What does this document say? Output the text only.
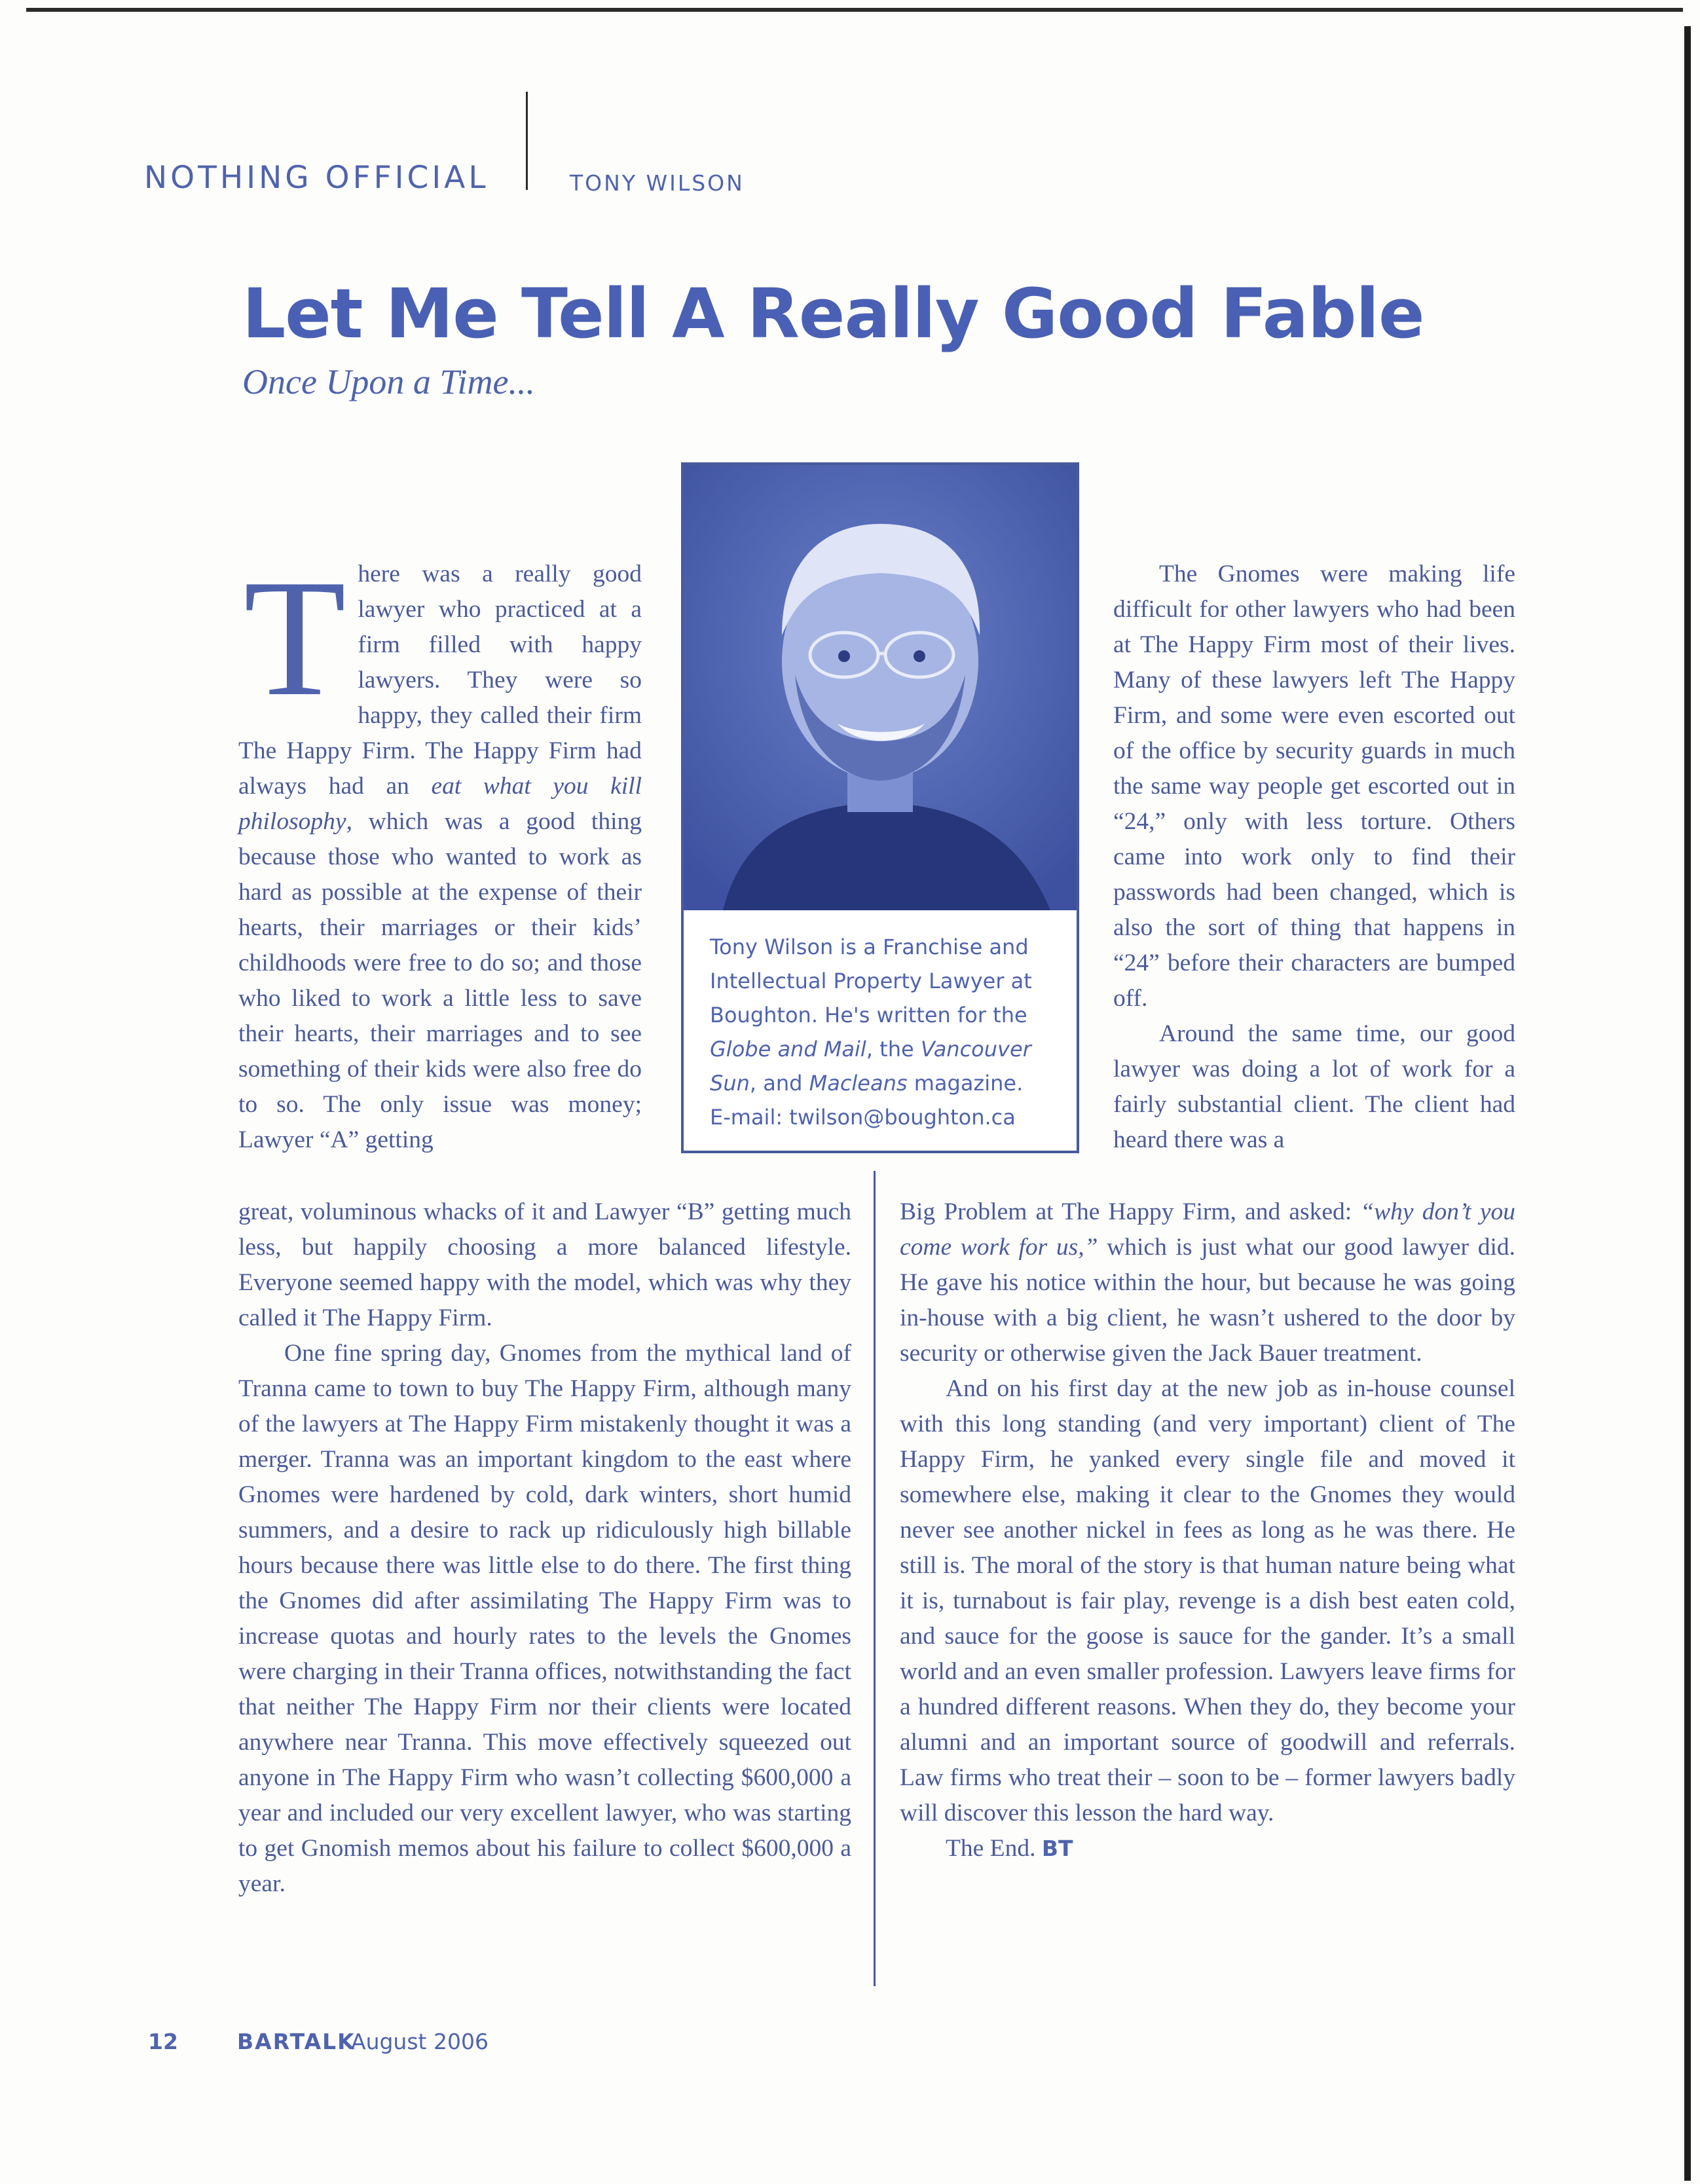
NOTHING OFFICIAL	TONY WILSON
Let Me Tell A Really Good Fable
Once Upon a Time...
Tony Wilson is a Franchise and Intellectual Property Lawyer at Boughton. He's written for the Globe and Mail, the Vancouver Sun, and Macleans magazine.
E-mail: twilson@boughton.ca

There was a really good lawyer who practiced at a firm filled with happy lawyers. They were so happy, they called their firm The Happy Firm. The Happy Firm had always had an eat what you kill philosophy, which was a good thing because those who wanted to work as hard as possible at the expense of their hearts, their marriages or their kids’ childhoods were free to do so; and those who liked to work a little less to save their hearts, their marriages and to see something of their kids were also free do to so. The only issue was money; Lawyer “A” getting

great, voluminous whacks of it and Lawyer “B” getting much less, but happily choosing a more balanced lifestyle. Everyone seemed happy with the model, which was why they called it The Happy Firm.

One fine spring day, Gnomes from the mythical land of Tranna came to town to buy The Happy Firm, although many of the lawyers at The Happy Firm mistakenly thought it was a merger. Tranna was an important kingdom to the east where Gnomes were hardened by cold, dark winters, short humid summers, and a desire to rack up ridiculously high billable hours because there was little else to do there. The first thing the Gnomes did after assimilating The Happy Firm was to increase quotas and hourly rates to the levels the Gnomes were charging in their Tranna offices, notwithstanding the fact that neither The Happy Firm nor their clients were located anywhere near Tranna. This move effectively squeezed out anyone in The Happy Firm who wasn’t collecting $600,000 a year and included our very excellent lawyer, who was starting to get Gnomish memos about his failure to collect $600,000 a year.

The Gnomes were making life difficult for other lawyers who had been at The Happy Firm most of their lives. Many of these lawyers left The Happy Firm, and some were even escorted out of the office by security guards in much the same way people get escorted out in “24,” only with less torture. Others came into work only to find their passwords had been changed, which is also the sort of thing that happens in “24” before their characters are bumped off.

Around the same time, our good lawyer was doing a lot of work for a fairly substantial client. The client had heard there was a

Big Problem at The Happy Firm, and asked: “why don’t you come work for us,” which is just what our good lawyer did. He gave his notice within the hour, but because he was going in-house with a big client, he wasn’t ushered to the door by security or otherwise given the Jack Bauer treatment.

And on his first day at the new job as in-house counsel with this long standing (and very important) client of The Happy Firm, he yanked every single file and moved it somewhere else, making it clear to the Gnomes they would never see another nickel in fees as long as he was there. He still is. The moral of the story is that human nature being what it is, turnabout is fair play, revenge is a dish best eaten cold, and sauce for the goose is sauce for the gander. It’s a small world and an even smaller profession. Lawyers leave firms for a hundred different reasons. When they do, they become your alumni and an important source of goodwill and referrals. Law firms who treat their – soon to be – former lawyers badly will discover this lesson the hard way.

The End. BT

12	BARTALK
August 2006
